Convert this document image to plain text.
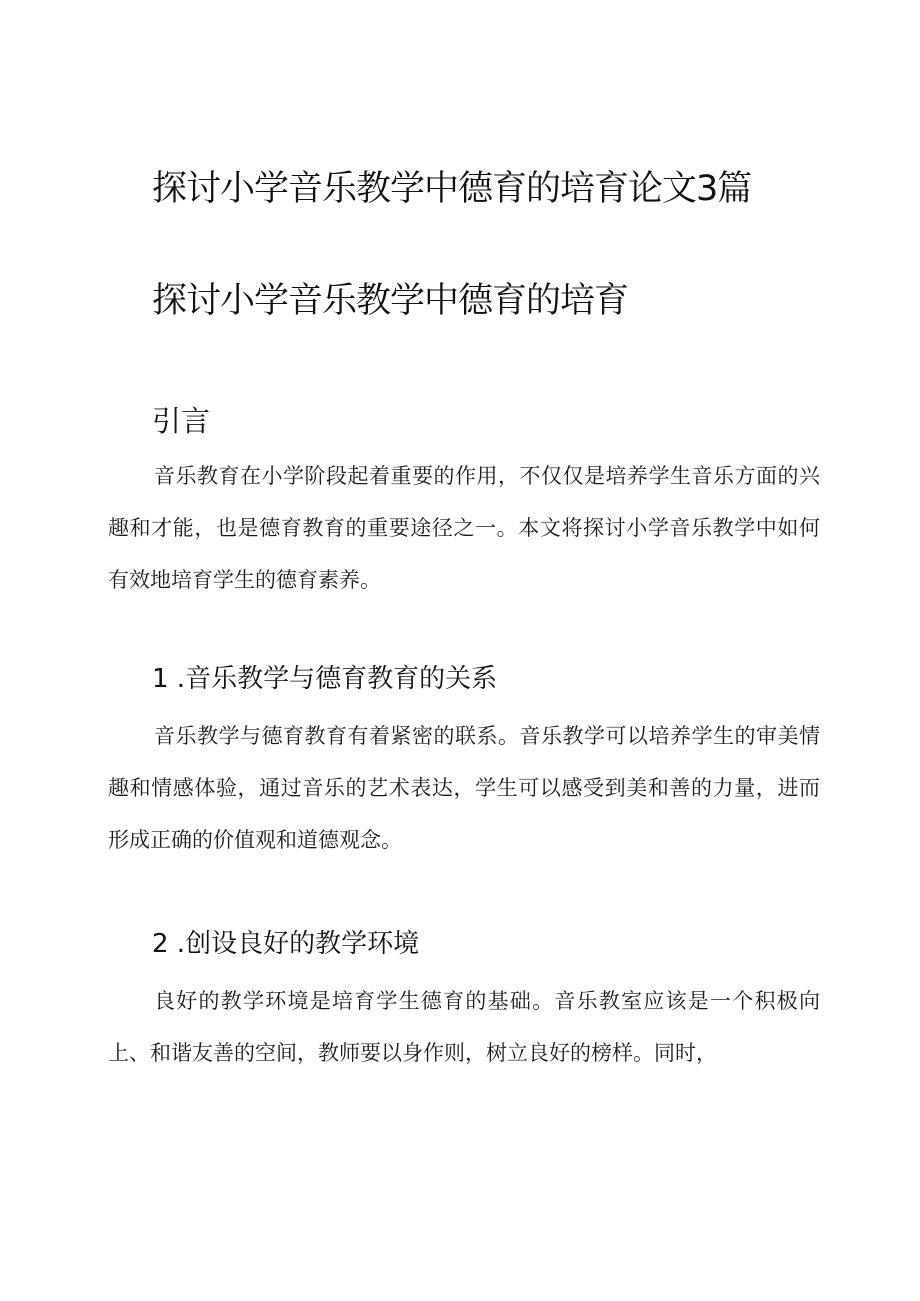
探讨小学音乐教学中德育的培育论文3篇
探讨小学音乐教学中德育的培育
引言

音乐教育在小学阶段起着重要的作用，不仅仅是培养学生音乐方面的兴趣和才能，也是德育教育的重要途径之一。本文将探讨小学音乐教学中如何有效地培育学生的德育素养。

1 .音乐教学与德育教育的关系

音乐教学与德育教育有着紧密的联系。音乐教学可以培养学生的审美情趣和情感体验，通过音乐的艺术表达，学生可以感受到美和善的力量，进而形成正确的价值观和道德观念。

2 .创设良好的教学环境

良好的教学环境是培育学生德育的基础。音乐教室应该是一个积极向上、和谐友善的空间，教师要以身作则，树立良好的榜样。同时，
